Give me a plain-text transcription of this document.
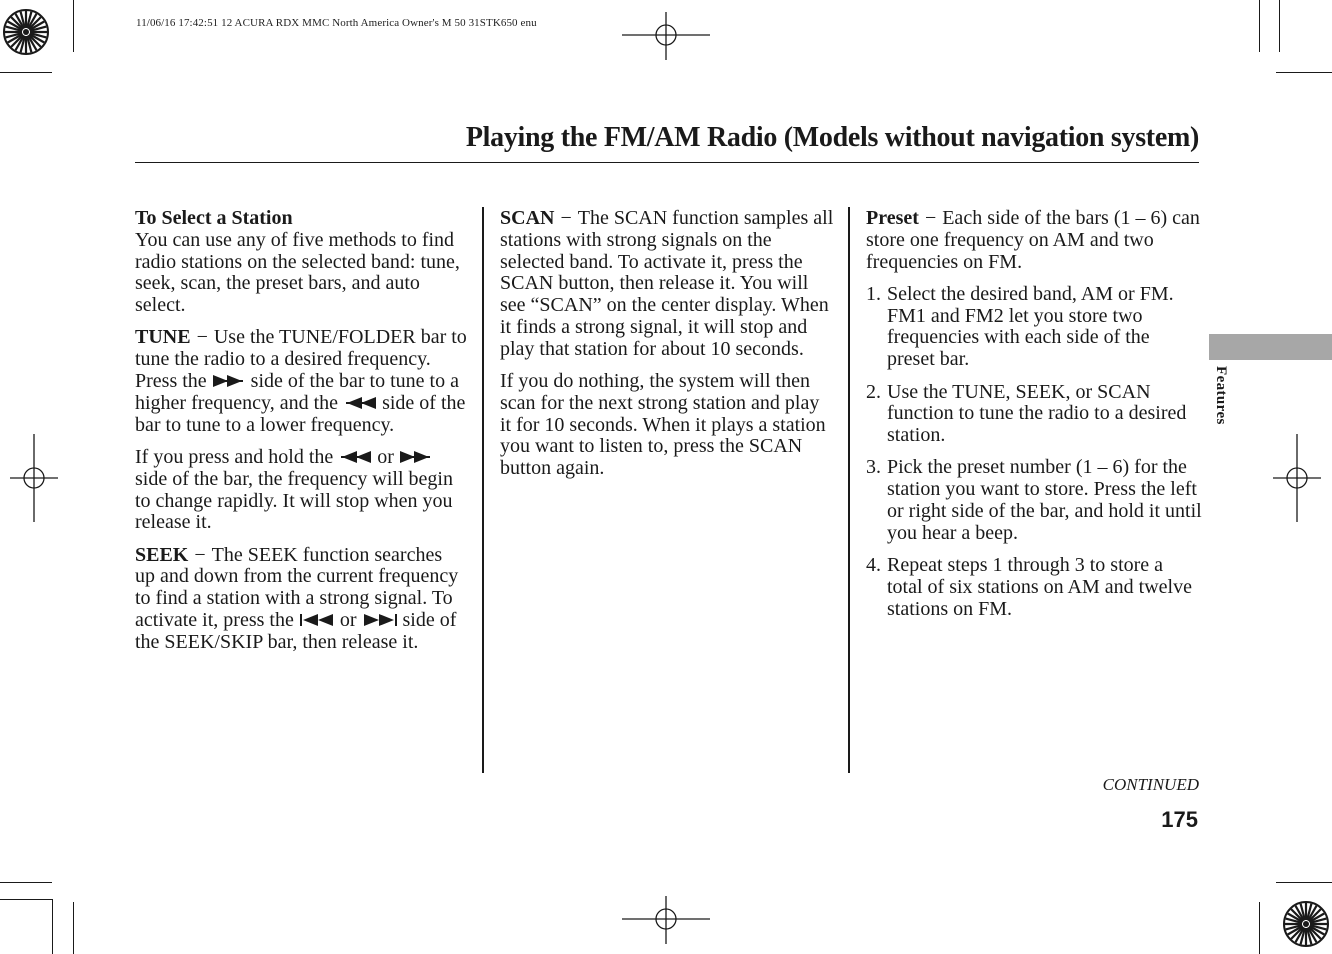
11/06/16 17:42:51 12 ACURA RDX MMC North America Owner's M 50 31STK650 enu
Playing the FM/AM Radio (Models without navigation system)
Features
To Select a Station

You can use any of five methods to find radio stations on the selected band: tune, seek, scan, the preset bars, and auto select.

TUNE − Use the TUNE/FOLDER bar to tune the radio to a desired frequency. Press the side of the bar to tune to a higher frequency, and the side of the bar to tune to a lower frequency.

If you press and hold the or  side of the bar, the frequency will begin to change rapidly. It will stop when you release it.

SEEK − The SEEK function searches up and down from the current frequency to find a station with a strong signal. To activate it, press the or side of the SEEK/SKIP bar, then release it.

SCAN − The SCAN function samples all stations with strong signals on the selected band. To activate it, press the SCAN button, then release it. You will see “SCAN” on the center display. When it finds a strong signal, it will stop and play that station for about 10 seconds.

If you do nothing, the system will then scan for the next strong station and play it for 10 seconds. When it plays a station you want to listen to, press the SCAN button again.

Preset − Each side of the bars (1 – 6) can store one frequency on AM and two frequencies on FM.

1. Select the desired band, AM or FM. FM1 and FM2 let you store two frequencies with each side of the preset bar.
2. Use the TUNE, SEEK, or SCAN function to tune the radio to a desired station.
3. Pick the preset number (1 – 6) for the station you want to store. Press the left or right side of the bar, and hold it until you hear a beep.
4. Repeat steps 1 through 3 to store a total of six stations on AM and twelve stations on FM.
CONTINUED
175
